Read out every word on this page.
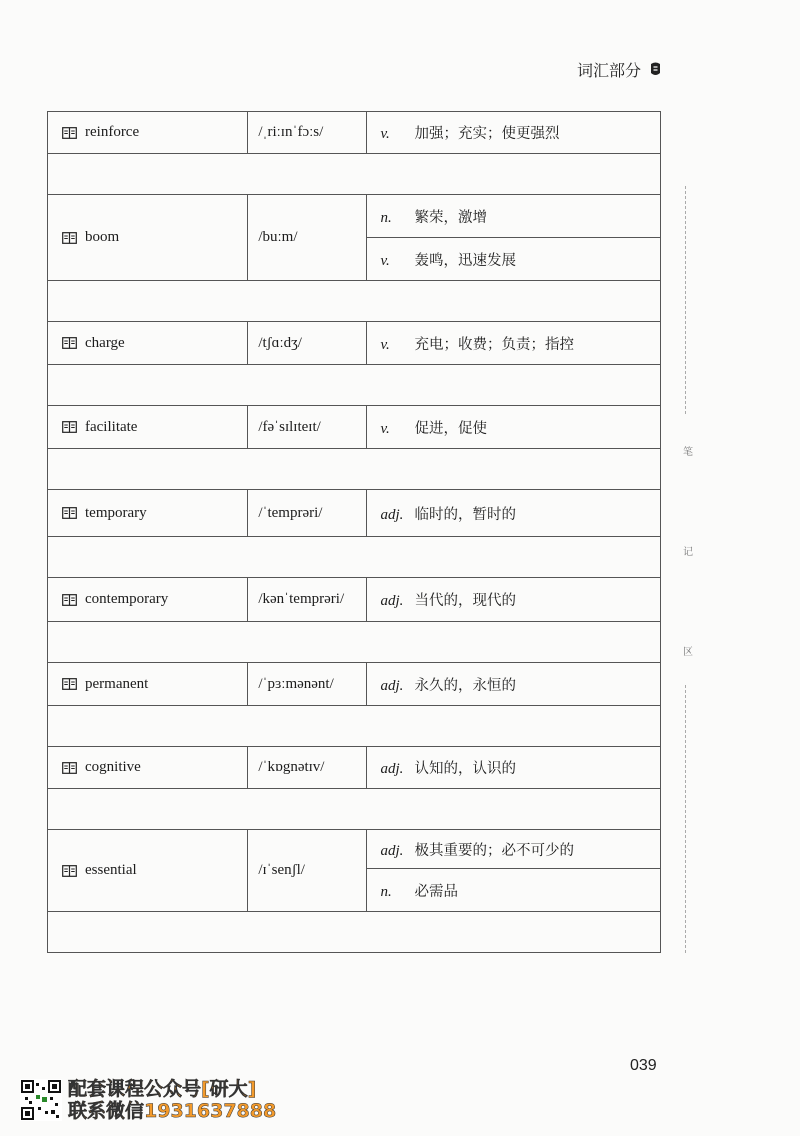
词汇部分
reinforce	/ˌriːɪnˈfɔːs/	v. 加强；充实；使更强烈

boom	/buːm/	n. 繁荣，激增
		v. 轰鸣，迅速发展

charge	/tʃɑːdʒ/	v. 充电；收费；负责；指控

facilitate	/fəˈsɪlɪteɪt/	v. 促进，促使

temporary	/ˈtemprəri/	adj. 临时的，暂时的

contemporary	/kənˈtemprəri/	adj. 当代的，现代的

permanent	/ˈpɜːmənənt/	adj. 永久的，永恒的

cognitive	/ˈkɒgnətɪv/	adj. 认知的，认识的

essential	/ɪˈsenʃl/	adj. 极其重要的；必不可少的
		n. 必需品

笔
记
区
039
配套课程公众号[研大]
联系微信1931637888
